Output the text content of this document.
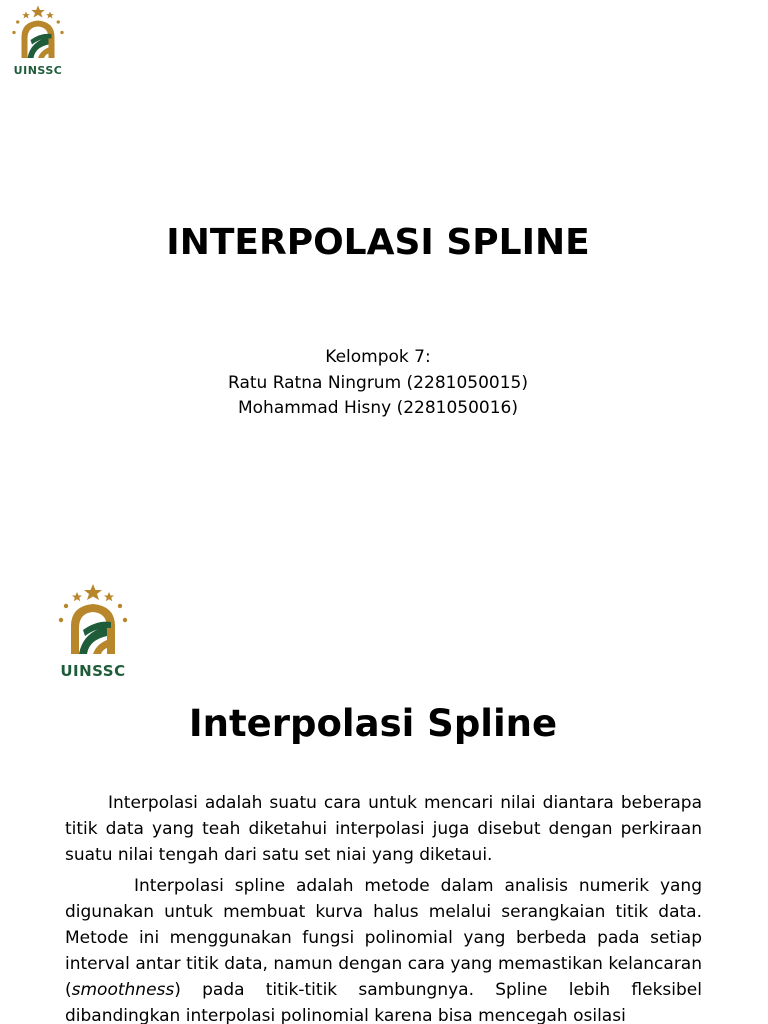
UINSSC
INTERPOLASI SPLINE
Kelompok 7:
Ratu Ratna Ningrum (2281050015)
Mohammad Hisny (2281050016)
UINSSC
Interpolasi Spline

Interpolasi adalah suatu cara untuk mencari nilai diantara beberapa titik data yang teah diketahui interpolasi juga disebut dengan perkiraan suatu nilai tengah dari satu set niai yang diketaui.

Interpolasi spline adalah metode dalam analisis numerik yang digunakan untuk membuat kurva halus melalui serangkaian titik data. Metode ini menggunakan fungsi polinomial yang berbeda pada setiap interval antar titik data, namun dengan cara yang memastikan kelancaran (smoothness) pada titik-titik sambungnya. Spline lebih fleksibel dibandingkan interpolasi polinomial karena bisa mencegah osilasi
